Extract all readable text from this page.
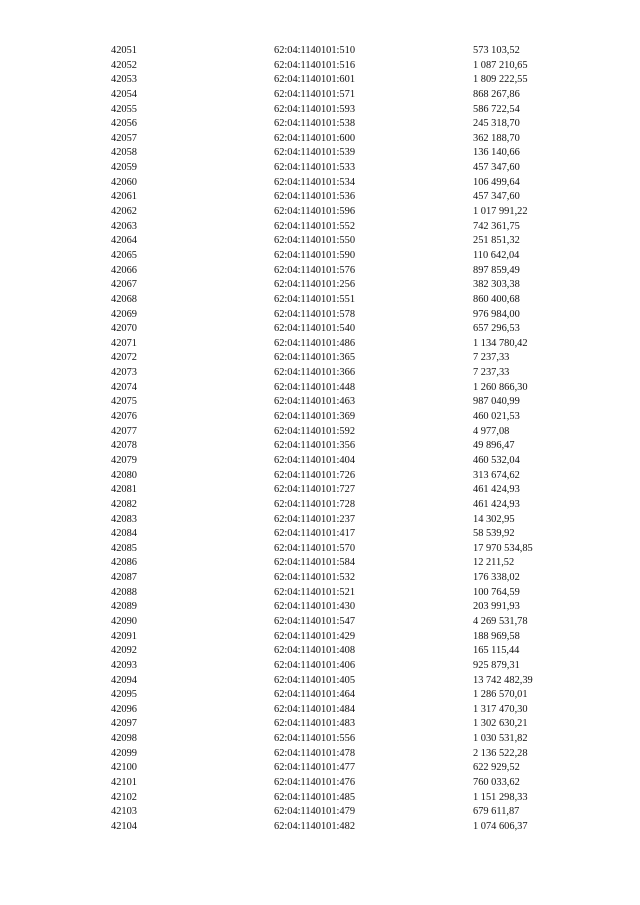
42051	62:04:1140101:510	573 103,52
42052	62:04:1140101:516	1 087 210,65
42053	62:04:1140101:601	1 809 222,55
42054	62:04:1140101:571	868 267,86
42055	62:04:1140101:593	586 722,54
42056	62:04:1140101:538	245 318,70
42057	62:04:1140101:600	362 188,70
42058	62:04:1140101:539	136 140,66
42059	62:04:1140101:533	457 347,60
42060	62:04:1140101:534	106 499,64
42061	62:04:1140101:536	457 347,60
42062	62:04:1140101:596	1 017 991,22
42063	62:04:1140101:552	742 361,75
42064	62:04:1140101:550	251 851,32
42065	62:04:1140101:590	110 642,04
42066	62:04:1140101:576	897 859,49
42067	62:04:1140101:256	382 303,38
42068	62:04:1140101:551	860 400,68
42069	62:04:1140101:578	976 984,00
42070	62:04:1140101:540	657 296,53
42071	62:04:1140101:486	1 134 780,42
42072	62:04:1140101:365	7 237,33
42073	62:04:1140101:366	7 237,33
42074	62:04:1140101:448	1 260 866,30
42075	62:04:1140101:463	987 040,99
42076	62:04:1140101:369	460 021,53
42077	62:04:1140101:592	4 977,08
42078	62:04:1140101:356	49 896,47
42079	62:04:1140101:404	460 532,04
42080	62:04:1140101:726	313 674,62
42081	62:04:1140101:727	461 424,93
42082	62:04:1140101:728	461 424,93
42083	62:04:1140101:237	14 302,95
42084	62:04:1140101:417	58 539,92
42085	62:04:1140101:570	17 970 534,85
42086	62:04:1140101:584	12 211,52
42087	62:04:1140101:532	176 338,02
42088	62:04:1140101:521	100 764,59
42089	62:04:1140101:430	203 991,93
42090	62:04:1140101:547	4 269 531,78
42091	62:04:1140101:429	188 969,58
42092	62:04:1140101:408	165 115,44
42093	62:04:1140101:406	925 879,31
42094	62:04:1140101:405	13 742 482,39
42095	62:04:1140101:464	1 286 570,01
42096	62:04:1140101:484	1 317 470,30
42097	62:04:1140101:483	1 302 630,21
42098	62:04:1140101:556	1 030 531,82
42099	62:04:1140101:478	2 136 522,28
42100	62:04:1140101:477	622 929,52
42101	62:04:1140101:476	760 033,62
42102	62:04:1140101:485	1 151 298,33
42103	62:04:1140101:479	679 611,87
42104	62:04:1140101:482	1 074 606,37
